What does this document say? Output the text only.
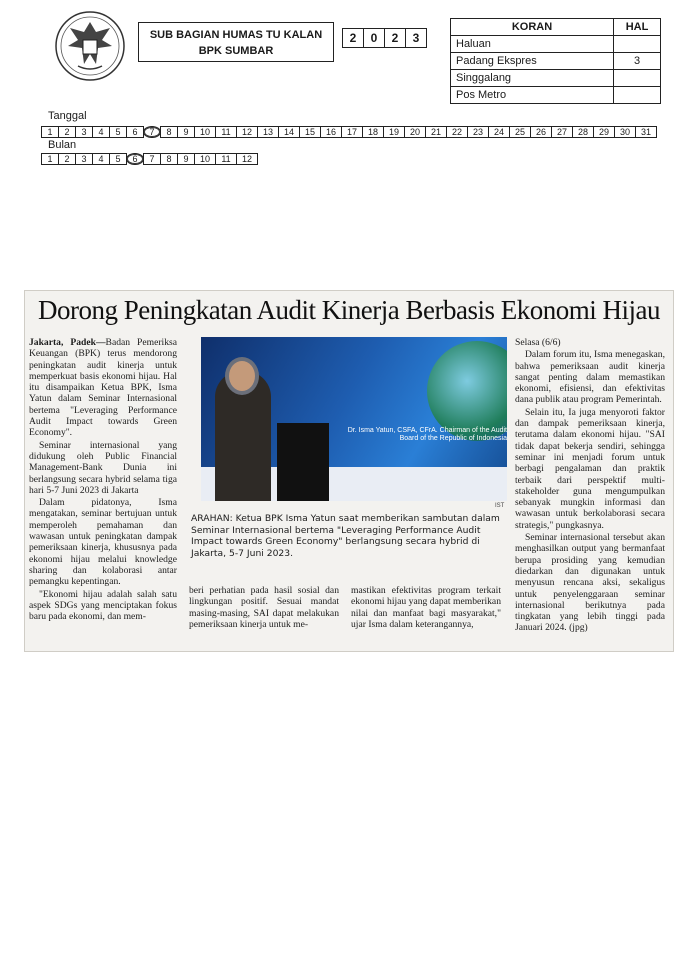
SUB BAGIAN HUMAS TU KALAN
BPK SUMBAR
2	0	2	3
KORAN	HAL
Haluan	
Padang Ekspres	3
Singgalang	
Pos Metro	
Tanggal
1	2	3	4	5	6	7	8	9	10	11	12	13	14	15	16	17	18	19	20	21	22	23	24	25	26	27	28	29	30	31
Bulan
1	2	3	4	5	6	7	8	9	10	11	12
Dorong Peningkatan Audit Kinerja Berbasis Ekonomi Hijau

Jakarta, Padek—Badan Pemeriksa Keuangan (BPK) terus mendorong peningkatan audit kinerja untuk memperkuat basis ekonomi hijau. Hal itu disampaikan Ketua BPK, Isma Yatun dalam Seminar Internasional bertema "Leveraging Performance Audit Impact towards Green Economy".

Seminar internasional yang didukung oleh Public Financial Management-Bank Dunia ini berlangsung secara hybrid selama tiga hari 5-7 Juni 2023 di Jakarta

Dalam pidatonya, Isma mengatakan, seminar bertujuan untuk memperoleh pemahaman dan wawasan untuk peningkatan dampak pemeriksaan kinerja, khususnya pada ekonomi hijau melalui knowledge sharing dan kolaborasi antar pemangku kepentingan.

"Ekonomi hijau adalah salah satu aspek SDGs yang menciptakan fokus baru pada ekonomi, dan mem-

Dr. Isma Yatun, CSFA, CFrA. Chairman of the Audit Board of the Republic of Indonesia
IST
ARAHAN: Ketua BPK Isma Yatun saat memberikan sambutan dalam Seminar Internasional bertema "Leveraging Performance Audit Impact towards Green Economy" berlangsung secara hybrid di Jakarta, 5-7 Juni 2023.

beri perhatian pada hasil sosial dan lingkungan positif. Sesuai mandat masing-masing, SAI dapat melakukan pemeriksaan kinerja untuk me-

mastikan efektivitas program terkait ekonomi hijau yang dapat memberikan nilai dan manfaat bagi masyarakat," ujar Isma dalam keterangannya,

Selasa (6/6)

Dalam forum itu, Isma menegaskan, bahwa pemeriksaan audit kinerja sangat penting dalam memastikan ekonomi, efisiensi, dan efektivitas dana publik atau program Pemerintah.

Selain itu, Ia juga menyoroti faktor dan dampak pemeriksaan kinerja, terutama dalam ekonomi hijau. "SAI tidak dapat bekerja sendiri, sehingga seminar ini menjadi forum untuk berbagi pengalaman dan praktik terbaik dari perspektif multi-stakeholder guna mengumpulkan sebanyak mungkin informasi dan wawasan untuk berkolaborasi secara strategis," pungkasnya.

Seminar internasional tersebut akan menghasilkan output yang bermanfaat berupa prosiding yang kemudian diedarkan dan digunakan untuk menyusun rencana aksi, sekaligus untuk penyelenggaraan seminar internasional berikutnya pada tingkatan yang lebih tinggi pada Januari 2024. (jpg)
